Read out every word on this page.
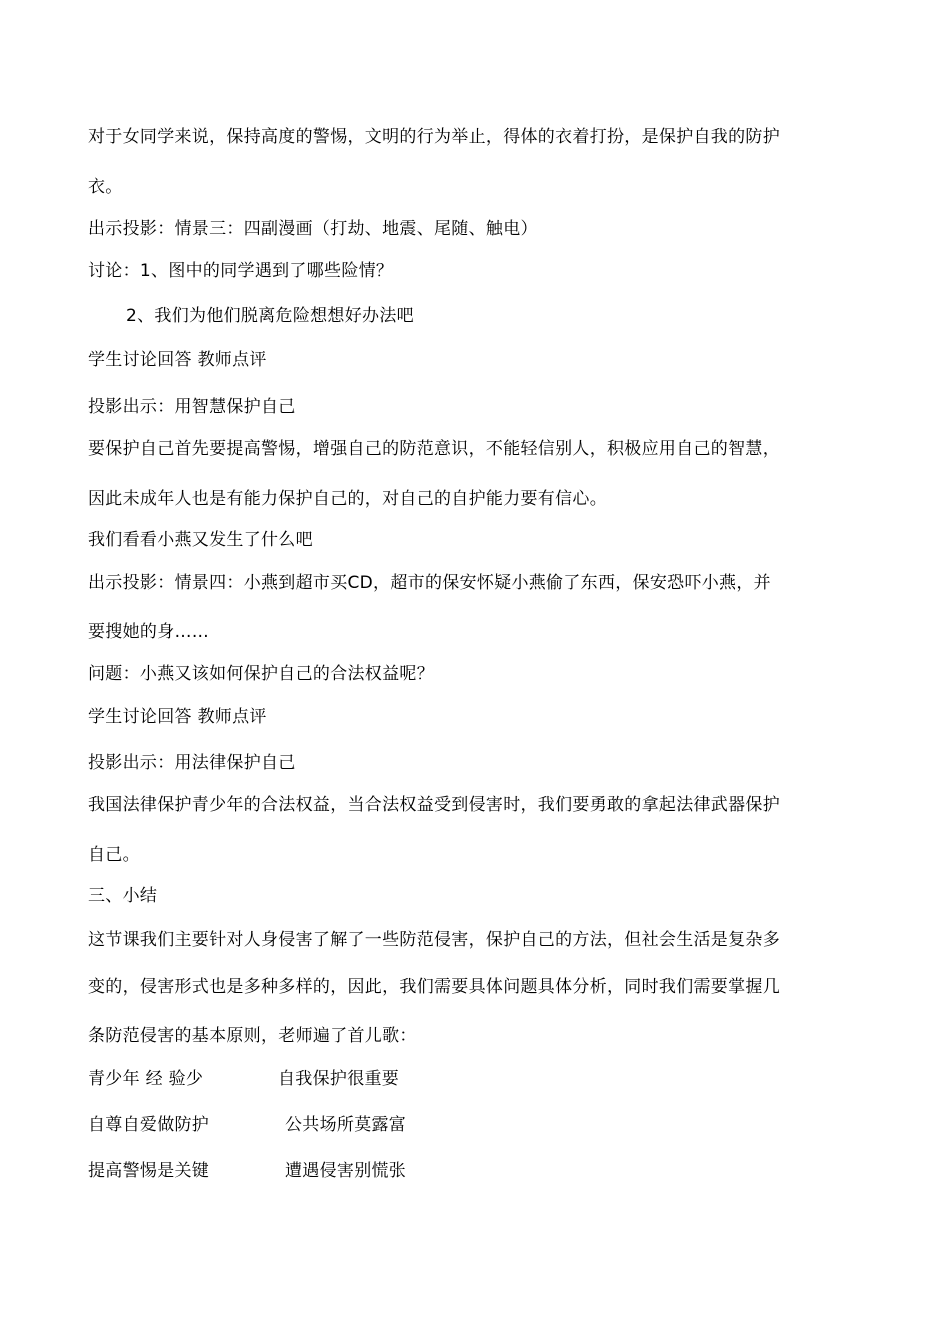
对于女同学来说，保持高度的警惕，文明的行为举止，得体的衣着打扮，是保护自我的防护
衣。
出示投影：情景三：四副漫画（打劫、地震、尾随、触电）
讨论：1、图中的同学遇到了哪些险情？
2、我们为他们脱离危险想想好办法吧
学生讨论回答 教师点评
投影出示：用智慧保护自己
要保护自己首先要提高警惕，增强自己的防范意识，不能轻信别人，积极应用自己的智慧，
因此未成年人也是有能力保护自己的，对自己的自护能力要有信心。
我们看看小燕又发生了什么吧
出示投影：情景四：小燕到超市买CD，超市的保安怀疑小燕偷了东西，保安恐吓小燕，并
要搜她的身……
问题：小燕又该如何保护自己的合法权益呢？
学生讨论回答 教师点评
投影出示：用法律保护自己
我国法律保护青少年的合法权益，当合法权益受到侵害时，我们要勇敢的拿起法律武器保护
自己。
三、小结
这节课我们主要针对人身侵害了解了一些防范侵害，保护自己的方法，但社会生活是复杂多
变的，侵害形式也是多种多样的，因此，我们需要具体问题具体分析，同时我们需要掌握几
条防范侵害的基本原则，老师遍了首儿歌：
青少年 经 验少	自我保护很重要
自尊自爱做防护	公共场所莫露富
提高警惕是关键	遭遇侵害别慌张
